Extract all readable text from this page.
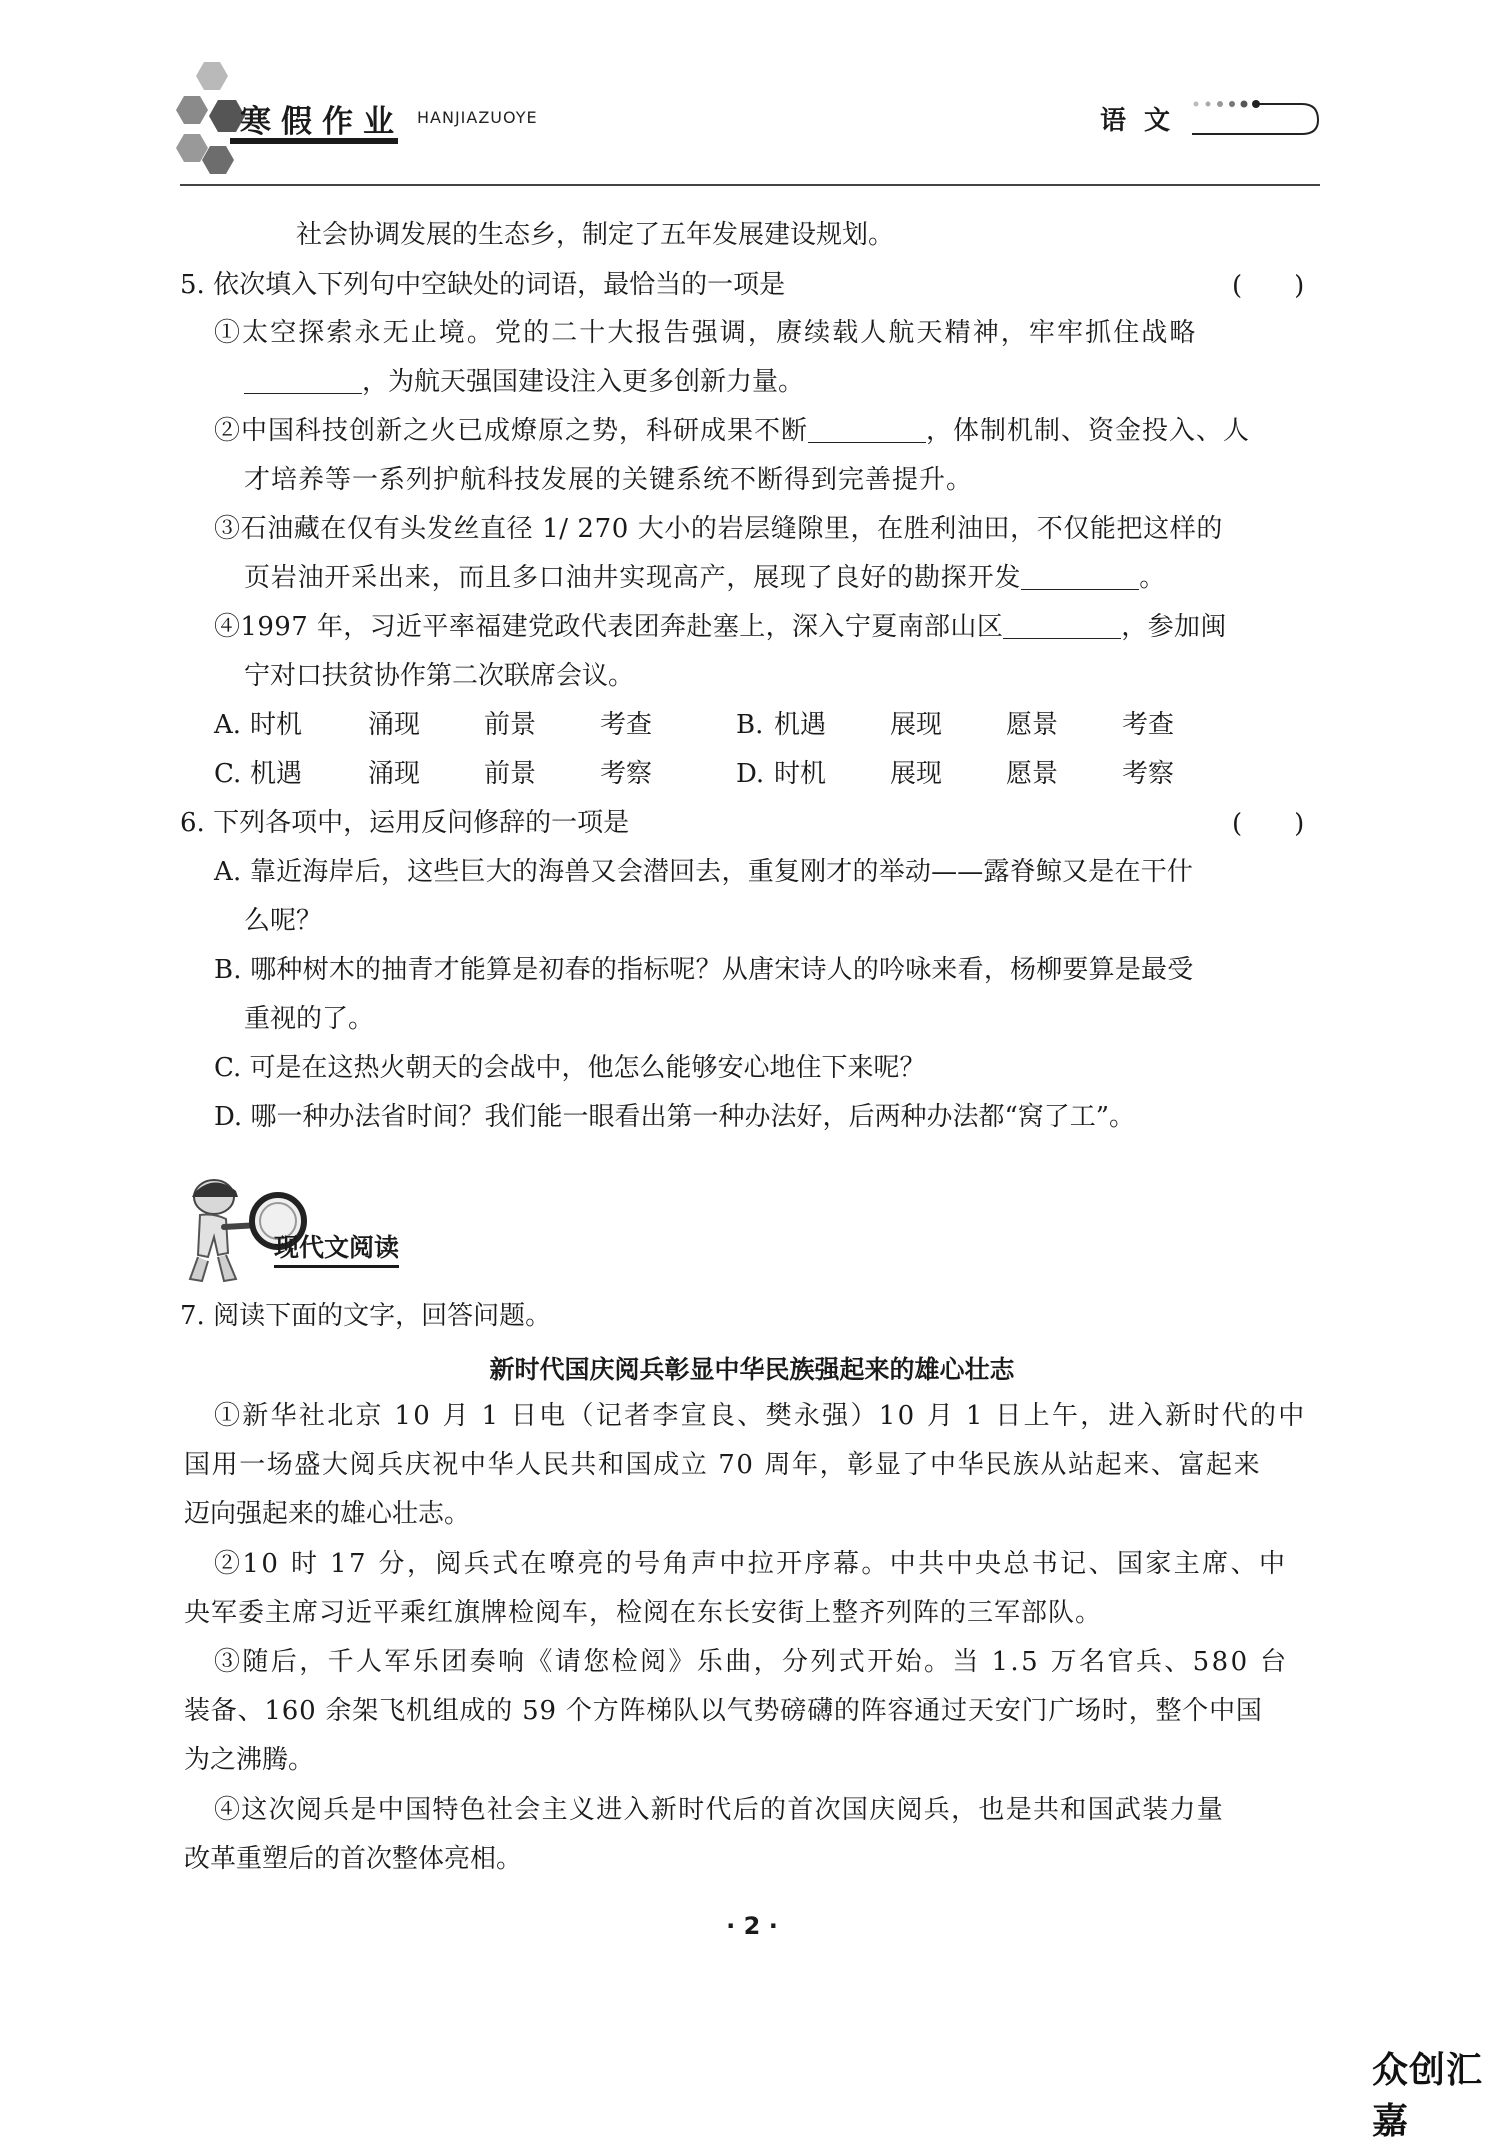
寒假作业 HANJIAZUOYE	语文
社会协调发展的生态乡，制定了五年发展建设规划。
5. 依次填入下列句中空缺处的词语，最恰当的一项是	(　　)
①太空探索永无止境。党的二十大报告强调，赓续载人航天精神，牢牢抓住战略
，为航天强国建设注入更多创新力量。
②中国科技创新之火已成燎原之势，科研成果不断	，体制机制、资金投入、人
才培养等一系列护航科技发展的关键系统不断得到完善提升。
③石油藏在仅有头发丝直径 1/ 270 大小的岩层缝隙里，在胜利油田，不仅能把这样的
页岩油开采出来，而且多口油井实现高产，展现了良好的勘探开发	。
④1997 年，习近平率福建党政代表团奔赴塞上，深入宁夏南部山区	，参加闽
宁对口扶贫协作第二次联席会议。
A. 时机	涌现 前景 考查	B. 机遇 展现 愿景 考查
C. 机遇	涌现 前景 考察	D. 时机 展现 愿景 考察
6. 下列各项中，运用反问修辞的一项是	(　　)
A. 靠近海岸后，这些巨大的海兽又会潜回去，重复刚才的举动——露脊鲸又是在干什
么呢？
B. 哪种树木的抽青才能算是初春的指标呢？从唐宋诗人的吟咏来看，杨柳要算是最受
重视的了。
C. 可是在这热火朝天的会战中，他怎么能够安心地住下来呢？
D. 哪一种办法省时间？我们能一眼看出第一种办法好，后两种办法都“窝了工”。
现代文阅读
7. 阅读下面的文字，回答问题。
新时代国庆阅兵彰显中华民族强起来的雄心壮志
①新华社北京 10 月 1 日电（记者李宣良、樊永强）10 月 1 日上午，进入新时代的中
国用一场盛大阅兵庆祝中华人民共和国成立 70 周年，彰显了中华民族从站起来、富起来
迈向强起来的雄心壮志。
②10 时 17 分，阅兵式在嘹亮的号角声中拉开序幕。中共中央总书记、国家主席、中
央军委主席习近平乘红旗牌检阅车，检阅在东长安街上整齐列阵的三军部队。
③随后，千人军乐团奏响《请您检阅》乐曲，分列式开始。当 1.5 万名官兵、580 台
装备、160 余架飞机组成的 59 个方阵梯队以气势磅礴的阵容通过天安门广场时，整个中国
为之沸腾。
④这次阅兵是中国特色社会主义进入新时代后的首次国庆阅兵，也是共和国武装力量
改革重塑后的首次整体亮相。
· 2 ·
众创汇嘉
